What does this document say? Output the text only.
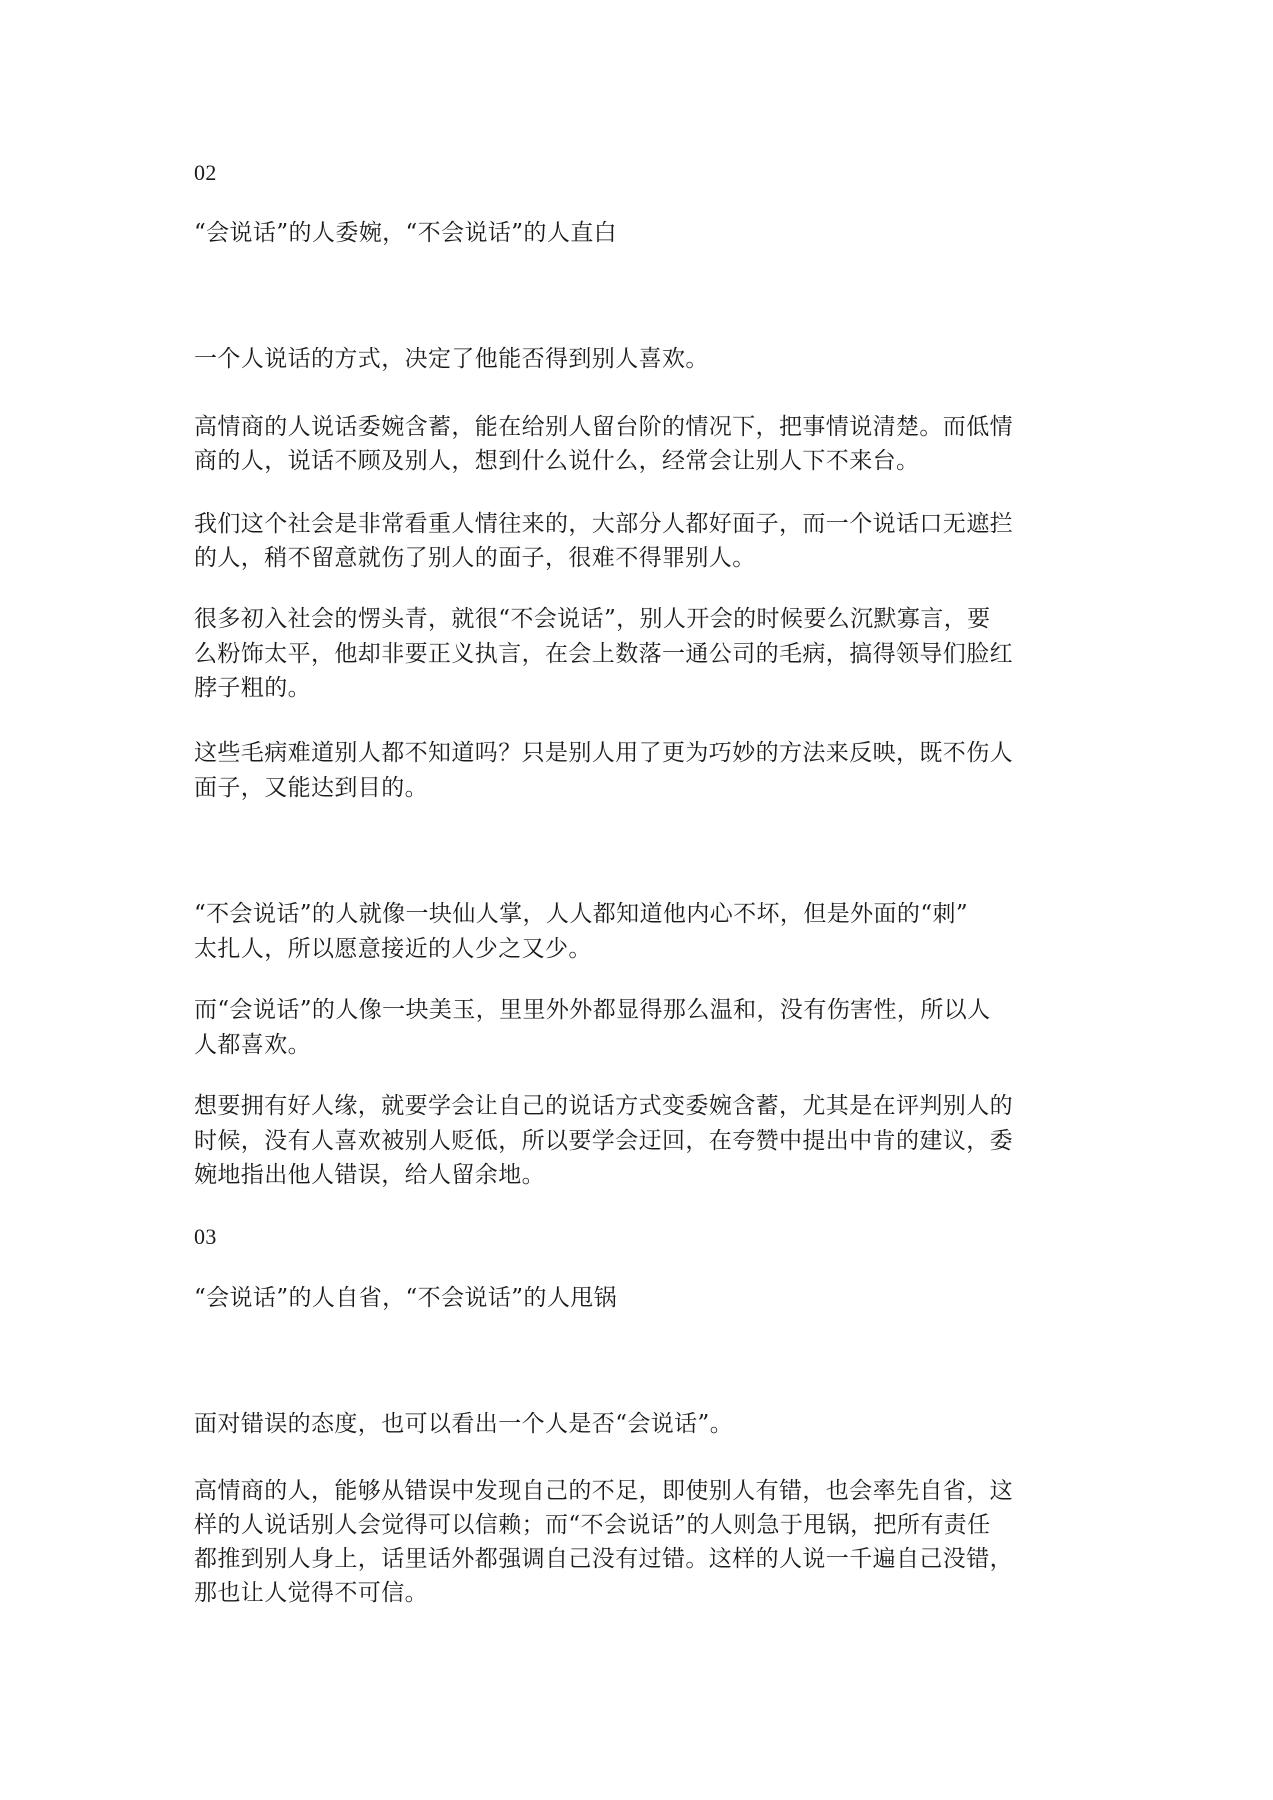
02

“会说话”的人委婉，“不会说话”的人直白

一个人说话的方式，决定了他能否得到别人喜欢。

高情商的人说话委婉含蓄，能在给别人留台阶的情况下，把事情说清楚。而低情

商的人，说话不顾及别人，想到什么说什么，经常会让别人下不来台。

我们这个社会是非常看重人情往来的，大部分人都好面子，而一个说话口无遮拦

的人，稍不留意就伤了别人的面子，很难不得罪别人。

很多初入社会的愣头青，就很“不会说话”，别人开会的时候要么沉默寡言，要

么粉饰太平，他却非要正义执言，在会上数落一通公司的毛病，搞得领导们脸红

脖子粗的。

这些毛病难道别人都不知道吗？只是别人用了更为巧妙的方法来反映，既不伤人

面子，又能达到目的。

“不会说话”的人就像一块仙人掌，人人都知道他内心不坏，但是外面的“刺”

太扎人，所以愿意接近的人少之又少。

而“会说话”的人像一块美玉，里里外外都显得那么温和，没有伤害性，所以人

人都喜欢。

想要拥有好人缘，就要学会让自己的说话方式变委婉含蓄，尤其是在评判别人的

时候，没有人喜欢被别人贬低，所以要学会迂回，在夸赞中提出中肯的建议，委

婉地指出他人错误，给人留余地。

03

“会说话”的人自省，“不会说话”的人甩锅

面对错误的态度，也可以看出一个人是否“会说话”。

高情商的人，能够从错误中发现自己的不足，即使别人有错，也会率先自省，这

样的人说话别人会觉得可以信赖；而“不会说话”的人则急于甩锅，把所有责任

都推到别人身上，话里话外都强调自己没有过错。这样的人说一千遍自己没错，

那也让人觉得不可信。
